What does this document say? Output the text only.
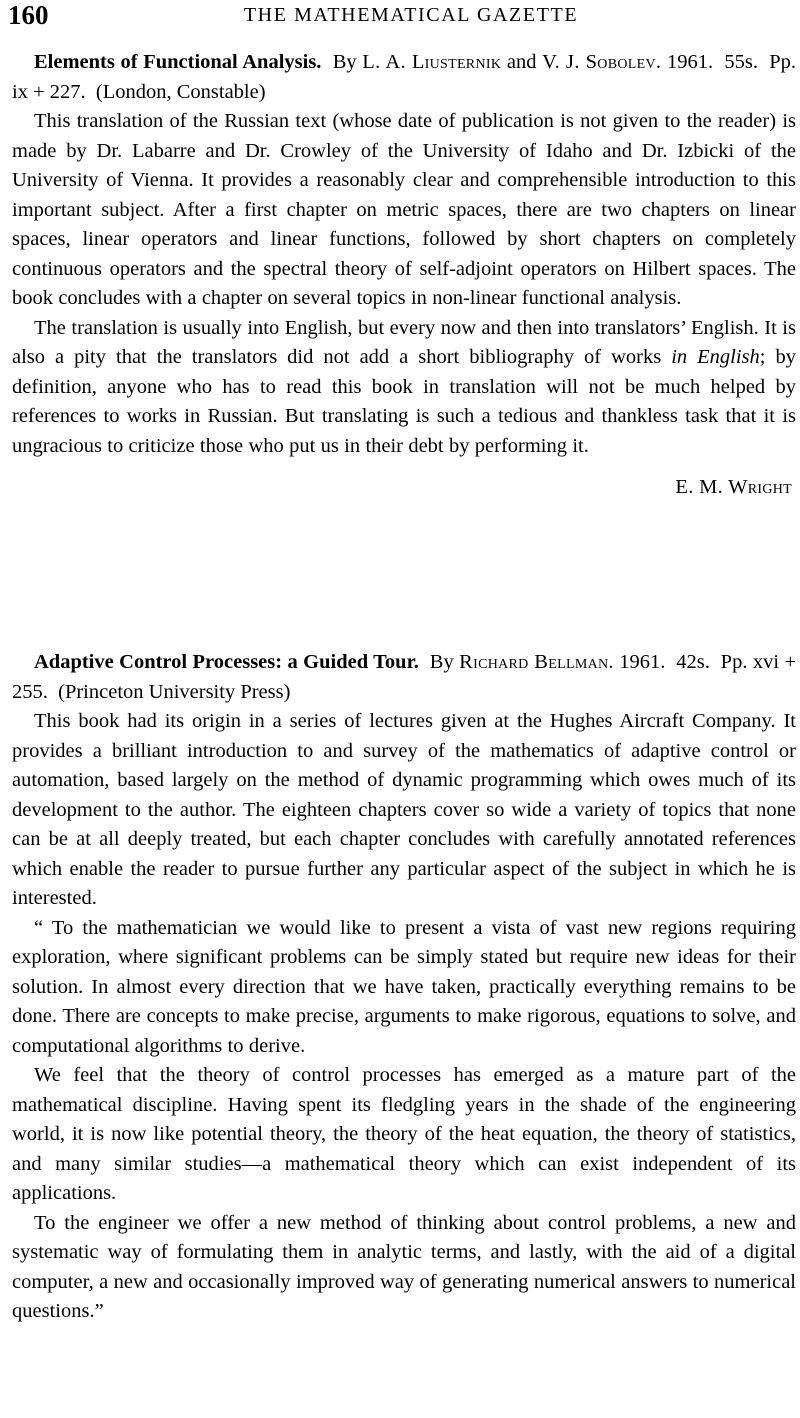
160	THE MATHEMATICAL GAZETTE
Elements of Functional Analysis. By L. A. Liusternik and V. J. Sobolev. 1961. 55s. Pp. ix + 227. (London, Constable)

This translation of the Russian text (whose date of publication is not given to the reader) is made by Dr. Labarre and Dr. Crowley of the University of Idaho and Dr. Izbicki of the University of Vienna. It provides a reasonably clear and comprehensible introduction to this important subject. After a first chapter on metric spaces, there are two chapters on linear spaces, linear operators and linear functions, followed by short chapters on completely continuous operators and the spectral theory of self-adjoint operators on Hilbert spaces. The book concludes with a chapter on several topics in non-linear functional analysis.

The translation is usually into English, but every now and then into translators’ English. It is also a pity that the translators did not add a short bibliography of works in English; by definition, anyone who has to read this book in translation will not be much helped by references to works in Russian. But translating is such a tedious and thankless task that it is ungracious to criticize those who put us in their debt by performing it.

E. M. Wright

Adaptive Control Processes: a Guided Tour. By Richard Bellman. 1961. 42s. Pp. xvi + 255. (Princeton University Press)

This book had its origin in a series of lectures given at the Hughes Aircraft Company. It provides a brilliant introduction to and survey of the mathematics of adaptive control or automation, based largely on the method of dynamic programming which owes much of its development to the author. The eighteen chapters cover so wide a variety of topics that none can be at all deeply treated, but each chapter concludes with carefully annotated references which enable the reader to pursue further any particular aspect of the subject in which he is interested.

“ To the mathematician we would like to present a vista of vast new regions requiring exploration, where significant problems can be simply stated but require new ideas for their solution. In almost every direction that we have taken, practically everything remains to be done. There are concepts to make precise, arguments to make rigorous, equations to solve, and computational algorithms to derive.

We feel that the theory of control processes has emerged as a mature part of the mathematical discipline. Having spent its fledgling years in the shade of the engineering world, it is now like potential theory, the theory of the heat equation, the theory of statistics, and many similar studies—a mathematical theory which can exist independent of its applications.

To the engineer we offer a new method of thinking about control problems, a new and systematic way of formulating them in analytic terms, and lastly, with the aid of a digital computer, a new and occasionally improved way of generating numerical answers to numerical questions.”
